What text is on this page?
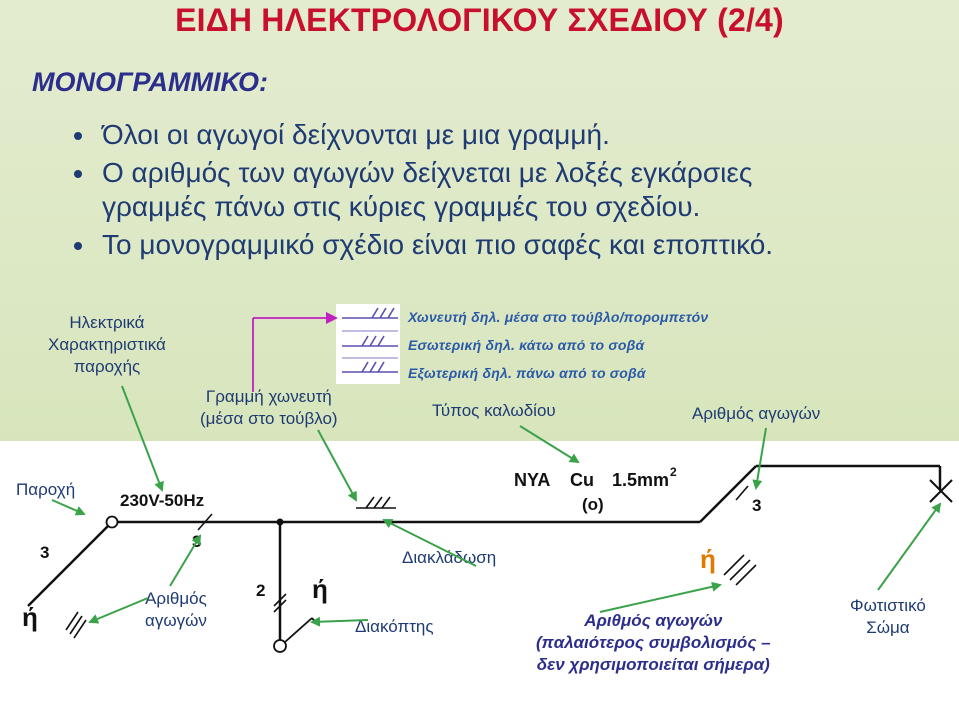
ΕΙΔΗ ΗΛΕΚΤΡΟΛΟΓΙΚΟΥ ΣΧΕΔΙΟΥ (2/4)
ΜΟΝΟΓΡΑΜΜΙΚΟ:
Όλοι οι αγωγοί δείχνονται με μια γραμμή.
Ο αριθμός των αγωγών δείχνεται με λοξές εγκάρσιες
γραμμές πάνω στις κύριες γραμμές του σχεδίου.
Το μονογραμμικό σχέδιο είναι πιο σαφές και εποπτικό.
Ηλεκτρικά
Χαρακτηριστικά
παροχής
Γραμμή χωνευτή
(μέσα στο τούβλο)
Χωνευτή δηλ. μέσα στο τούβλο/πορομπετόν
Εσωτερική δηλ. κάτω από το σοβά
Εξωτερική δηλ. πάνω από το σοβά
Τύπος καλωδίου	Αριθμός αγωγών
Παροχή
Διακλάδωση
Αριθμός
αγωγών	Διακόπτης	Αριθμός αγωγών
(παλαιότερος συμβολισμός –
δεν χρησιμοποιείται σήμερα)
Φωτιστικό
Σώμα
230V-50Hz
NYA Cu 1.5mm 2
(o)	3
3
3
2
ή
ή
ή
